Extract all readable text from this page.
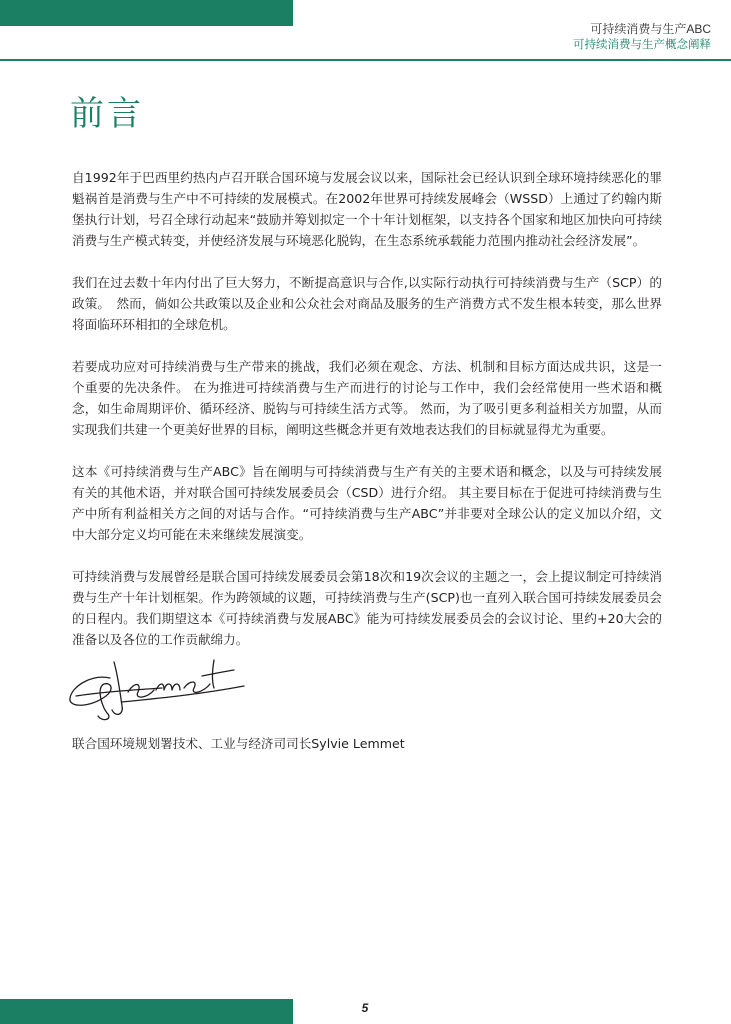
可持续消费与生产ABC
可持续消费与生产概念阐释
前言

自1992年于巴西里约热内卢召开联合国环境与发展会议以来，国际社会已经认识到全球环境持续恶化的罪魁祸首是消费与生产中不可持续的发展模式。在2002年世界可持续发展峰会（WSSD）上通过了约翰内斯堡执行计划，号召全球行动起来“鼓励并筹划拟定一个十年计划框架，以支持各个国家和地区加快向可持续消费与生产模式转变，并使经济发展与环境恶化脱钩，在生态系统承载能力范围内推动社会经济发展”。

我们在过去数十年内付出了巨大努力，不断提高意识与合作,以实际行动执行可持续消费与生产（SCP）的政策。　然而，倘如公共政策以及企业和公众社会对商品及服务的生产消费方式不发生根本转变，那么世界将面临环环相扣的全球危机。

若要成功应对可持续消费与生产带来的挑战，我们必须在观念、方法、机制和目标方面达成共识，这是一个重要的先决条件。 在为推进可持续消费与生产而进行的讨论与工作中，我们会经常使用一些术语和概念，如生命周期评价、循环经济、脱钩与可持续生活方式等。 然而，为了吸引更多利益相关方加盟，从而实现我们共建一个更美好世界的目标，阐明这些概念并更有效地表达我们的目标就显得尤为重要。

这本《可持续消费与生产ABC》旨在阐明与可持续消费与生产有关的主要术语和概念，以及与可持续发展有关的其他术语，并对联合国可持续发展委员会（CSD）进行介绍。 其主要目标在于促进可持续消费与生产中所有利益相关方之间的对话与合作。“可持续消费与生产ABC”并非要对全球公认的定义加以介绍，文中大部分定义均可能在未来继续发展演变。

可持续消费与发展曾经是联合国可持续发展委员会第18次和19次会议的主题之一，会上提议制定可持续消费与生产十年计划框架。作为跨领域的议题，可持续消费与生产(SCP)也一直列入联合国可持续发展委员会的日程内。我们期望这本《可持续消费与发展ABC》能为可持续发展委员会的会议讨论、里约+20大会的准备以及各位的工作贡献绵力。

联合国环境规划署技术、工业与经济司司长Sylvie Lemmet
5
